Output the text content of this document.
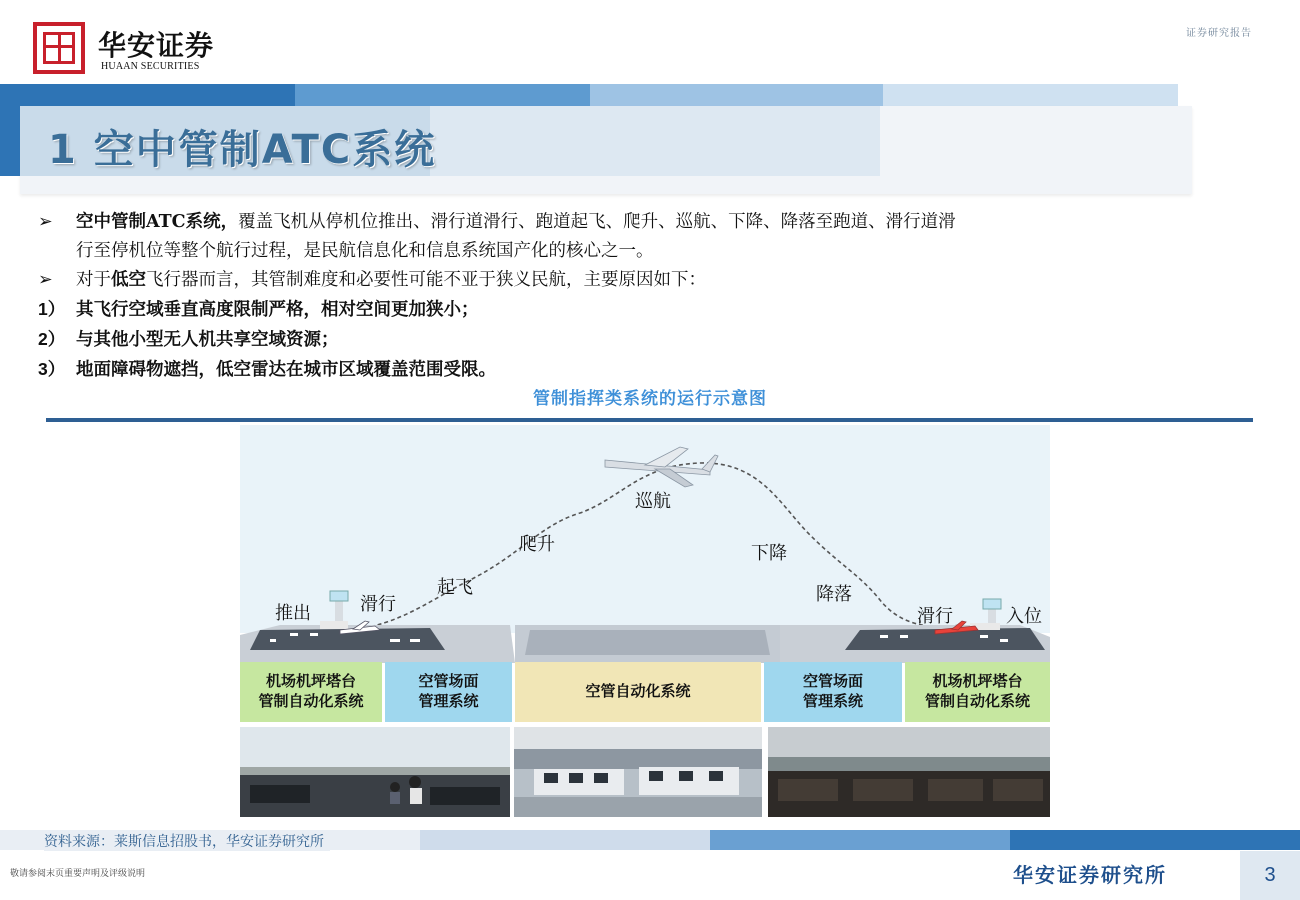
华安证券
HUAAN SECURITIES
证券研究报告
1 空中管制ATC系统
➢ 空中管制ATC系统，覆盖飞机从停机位推出、滑行道滑行、跑道起飞、爬升、巡航、下降、降落至跑道、滑行道滑
行至停机位等整个航行过程，是民航信息化和信息系统国产化的核心之一。
➢ 对于低空飞行器而言，其管制难度和必要性可能不亚于狭义民航，主要原因如下：
1） 其飞行空域垂直高度限制严格，相对空间更加狭小；
2） 与其他小型无人机共享空域资源；
3） 地面障碍物遮挡，低空雷达在城市区域覆盖范围受限。
管制指挥类系统的运行示意图
推出	滑行
起飞
爬升
巡航
下降
降落
滑行	入位
机场机坪塔台
管制自动化系统
空管场面
管理系统
空管自动化系统
空管场面
管理系统
机场机坪塔台
管制自动化系统
资料来源：莱斯信息招股书，华安证券研究所
敬请参阅末页重要声明及评级说明	华安证券研究所	3
